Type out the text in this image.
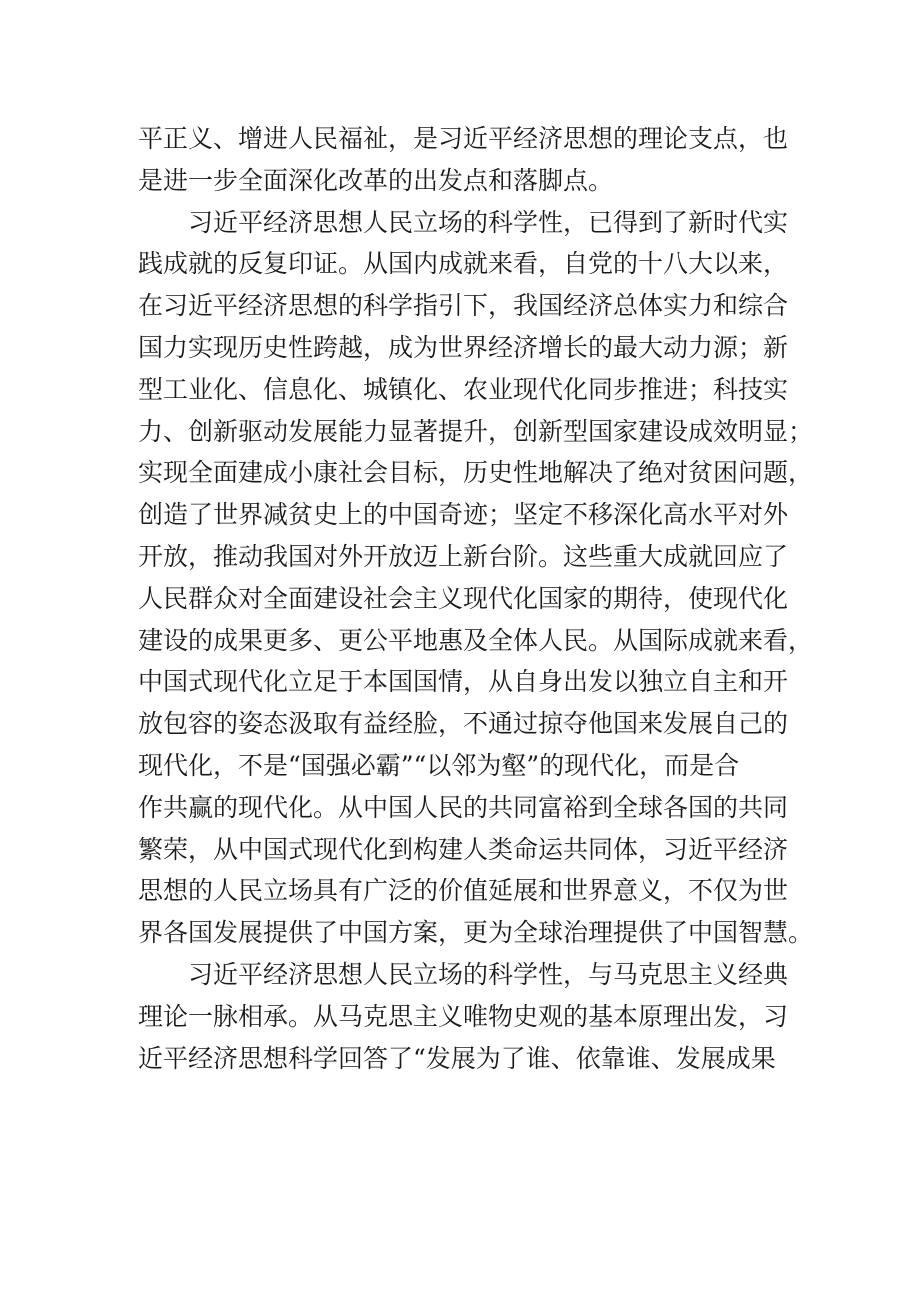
平正义、增进人民福祉，是习近平经济思想的理论支点，也
是进一步全面深化改革的出发点和落脚点。
习近平经济思想人民立场的科学性，已得到了新时代实
践成就的反复印证。从国内成就来看，自党的十八大以来，
在习近平经济思想的科学指引下，我国经济总体实力和综合
国力实现历史性跨越，成为世界经济增长的最大动力源；新
型工业化、信息化、城镇化、农业现代化同步推进；科技实
力、创新驱动发展能力显著提升，创新型国家建设成效明显；
实现全面建成小康社会目标，历史性地解决了绝对贫困问题，
创造了世界减贫史上的中国奇迹；坚定不移深化高水平对外
开放，推动我国对外开放迈上新台阶。这些重大成就回应了
人民群众对全面建设社会主义现代化国家的期待，使现代化
建设的成果更多、更公平地惠及全体人民。从国际成就来看，
中国式现代化立足于本国国情，从自身出发以独立自主和开
放包容的姿态汲取有益经脸，不通过掠夺他国来发展自己的
现代化，不是“国强必霸”“以邻为壑”的现代化，而是合
作共赢的现代化。从中国人民的共同富裕到全球各国的共同
繁荣，从中国式现代化到构建人类命运共同体，习近平经济
思想的人民立场具有广泛的价值延展和世界意义，不仅为世
界各国发展提供了中国方案，更为全球治理提供了中国智慧。
习近平经济思想人民立场的科学性，与马克思主义经典
理论一脉相承。从马克思主义唯物史观的基本原理出发，习
近平经济思想科学回答了“发展为了谁、依靠谁、发展成果
